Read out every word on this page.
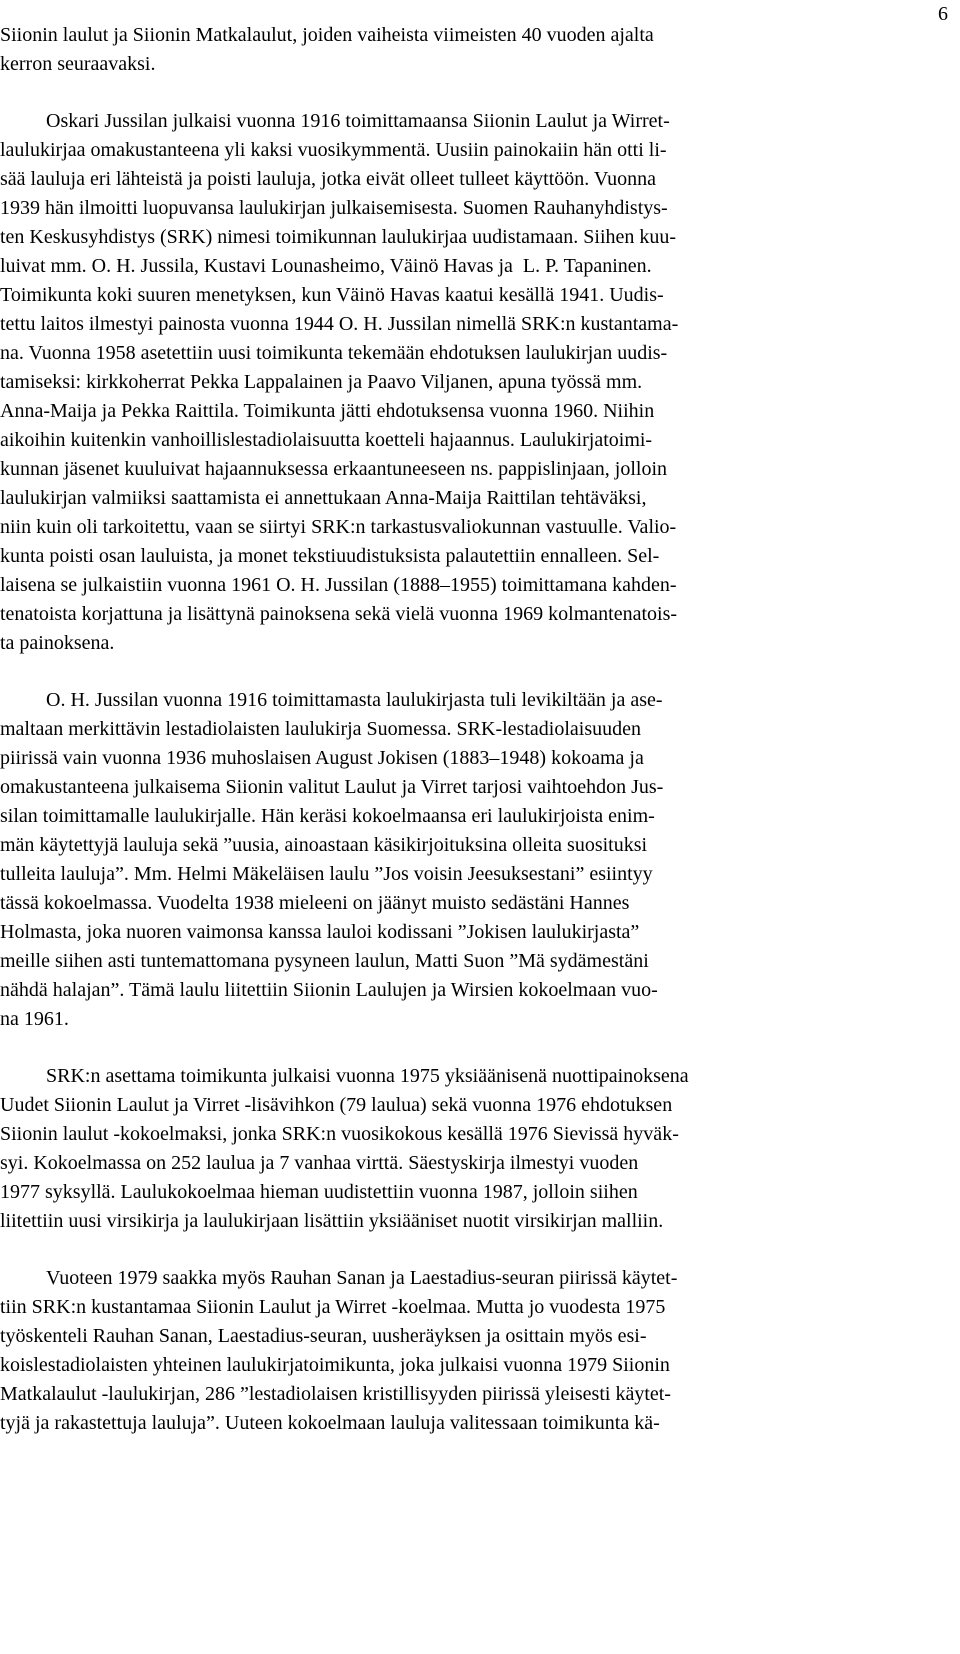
6
Siionin laulut ja Siionin Matkalaulut, joiden vaiheista viimeisten 40 vuoden ajalta
kerron seuraavaksi.
Oskari Jussilan julkaisi vuonna 1916 toimittamaansa Siionin Laulut ja Wirret-
laulukirjaa omakustanteena yli kaksi vuosikymmentä. Uusiin painokaiin hän otti li-
sää lauluja eri lähteistä ja poisti lauluja, jotka eivät olleet tulleet käyttöön. Vuonna
1939 hän ilmoitti luopuvansa laulukirjan julkaisemisesta. Suomen Rauhanyhdistys-
ten Keskusyhdistys (SRK) nimesi toimikunnan laulukirjaa uudistamaan. Siihen kuu-
luivat mm. O. H. Jussila, Kustavi Lounasheimo, Väinö Havas ja  L. P. Tapaninen.
Toimikunta koki suuren menetyksen, kun Väinö Havas kaatui kesällä 1941. Uudis-
tettu laitos ilmestyi painosta vuonna 1944 O. H. Jussilan nimellä SRK:n kustantama-
na. Vuonna 1958 asetettiin uusi toimikunta tekemään ehdotuksen laulukirjan uudis-
tamiseksi: kirkkoherrat Pekka Lappalainen ja Paavo Viljanen, apuna työssä mm.
Anna-Maija ja Pekka Raittila. Toimikunta jätti ehdotuksensa vuonna 1960. Niihin
aikoihin kuitenkin vanhoillislestadiolaisuutta koetteli hajaannus. Laulukirjatoimi-
kunnan jäsenet kuuluivat hajaannuksessa erkaantuneeseen ns. pappislinjaan, jolloin
laulukirjan valmiiksi saattamista ei annettukaan Anna-Maija Raittilan tehtäväksi,
niin kuin oli tarkoitettu, vaan se siirtyi SRK:n tarkastusvaliokunnan vastuulle. Valio-
kunta poisti osan lauluista, ja monet tekstiuudistuksista palautettiin ennalleen. Sel-
laisena se julkaistiin vuonna 1961 O. H. Jussilan (1888–1955) toimittamana kahden-
tenatoista korjattuna ja lisättynä painoksena sekä vielä vuonna 1969 kolmantenatois-
ta painoksena.
O. H. Jussilan vuonna 1916 toimittamasta laulukirjasta tuli levikiltään ja ase-
maltaan merkittävin lestadiolaisten laulukirja Suomessa. SRK-lestadiolaisuuden
piirissä vain vuonna 1936 muhoslaisen August Jokisen (1883–1948) kokoama ja
omakustanteena julkaisema Siionin valitut Laulut ja Virret tarjosi vaihtoehdon Jus-
silan toimittamalle laulukirjalle. Hän keräsi kokoelmaansa eri laulukirjoista enim-
män käytettyjä lauluja sekä ”uusia, ainoastaan käsikirjoituksina olleita suosituksi
tulleita lauluja”. Mm. Helmi Mäkeläisen laulu ”Jos voisin Jeesuksestani” esiintyy
tässä kokoelmassa. Vuodelta 1938 mieleeni on jäänyt muisto sedästäni Hannes
Holmasta, joka nuoren vaimonsa kanssa lauloi kodissani ”Jokisen laulukirjasta”
meille siihen asti tuntemattomana pysyneen laulun, Matti Suon ”Mä sydämestäni
nähdä halajan”. Tämä laulu liitettiin Siionin Laulujen ja Wirsien kokoelmaan vuo-
na 1961.
SRK:n asettama toimikunta julkaisi vuonna 1975 yksiäänisenä nuottipainoksena
Uudet Siionin Laulut ja Virret -lisävihkon (79 laulua) sekä vuonna 1976 ehdotuksen
Siionin laulut -kokoelmaksi, jonka SRK:n vuosikokous kesällä 1976 Sievissä hyväk-
syi. Kokoelmassa on 252 laulua ja 7 vanhaa virttä. Säestyskirja ilmestyi vuoden
1977 syksyllä. Laulukokoelmaa hieman uudistettiin vuonna 1987, jolloin siihen
liitettiin uusi virsikirja ja laulukirjaan lisättiin yksiääniset nuotit virsikirjan malliin.
Vuoteen 1979 saakka myös Rauhan Sanan ja Laestadius-seuran piirissä käytet-
tiin SRK:n kustantamaa Siionin Laulut ja Wirret -koelmaa. Mutta jo vuodesta 1975
työskenteli Rauhan Sanan, Laestadius-seuran, uusheräyksen ja osittain myös esi-
koislestadiolaisten yhteinen laulukirjatoimikunta, joka julkaisi vuonna 1979 Siionin
Matkalaulut -laulukirjan, 286 ”lestadiolaisen kristillisyyden piirissä yleisesti käytet-
tyjä ja rakastettuja lauluja”. Uuteen kokoelmaan lauluja valitessaan toimikunta kä-
